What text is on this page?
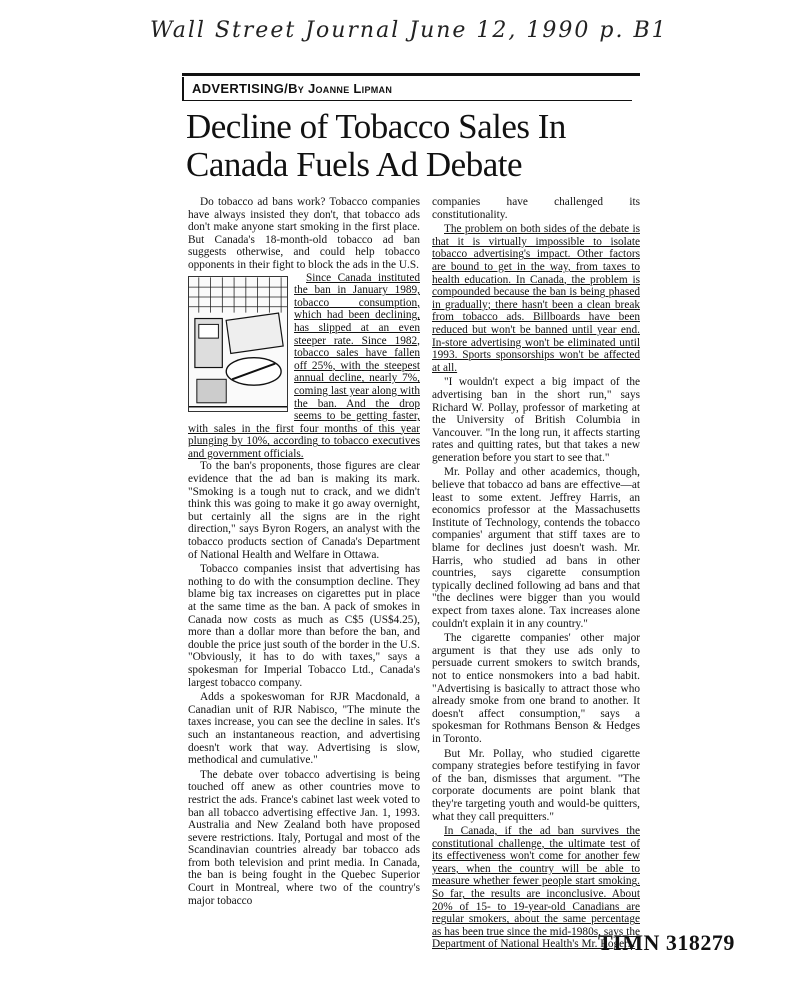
Wall Street Journal June 12, 1990 p. B1
ADVERTISING/By Joanne Lipman
Decline of Tobacco Sales In Canada Fuels Ad Debate

Do tobacco ad bans work? Tobacco companies have always insisted they don't, that tobacco ads don't make anyone start smoking in the first place. But Canada's 18-month-old tobacco ad ban suggests otherwise, and could help tobacco opponents in their fight to block the ads in the U.S.

Since Canada instituted the ban in January 1989, tobacco consumption, which had been declining, has slipped at an even steeper rate. Since 1982, tobacco sales have fallen off 25%, with the steepest annual decline, nearly 7%, coming last year along with the ban. And the drop seems to be getting faster, with sales in the first four months of this year plunging by 10%, according to tobacco executives and government officials.

To the ban's proponents, those figures are clear evidence that the ad ban is making its mark. "Smoking is a tough nut to crack, and we didn't think this was going to make it go away overnight, but certainly all the signs are in the right direction," says Byron Rogers, an analyst with the tobacco products section of Canada's Department of National Health and Welfare in Ottawa.

Tobacco companies insist that advertising has nothing to do with the consumption decline. They blame big tax increases on cigarettes put in place at the same time as the ban. A pack of smokes in Canada now costs as much as C$5 (US$4.25), more than a dollar more than before the ban, and double the price just south of the border in the U.S. "Obviously, it has to do with taxes," says a spokesman for Imperial Tobacco Ltd., Canada's largest tobacco company.

Adds a spokeswoman for RJR Macdonald, a Canadian unit of RJR Nabisco, "The minute the taxes increase, you can see the decline in sales. It's such an instantaneous reaction, and advertising doesn't work that way. Advertising is slow, methodical and cumulative."

The debate over tobacco advertising is being touched off anew as other countries move to restrict the ads. France's cabinet last week voted to ban all tobacco advertising effective Jan. 1, 1993. Australia and New Zealand both have proposed severe restrictions. Italy, Portugal and most of the Scandinavian countries already bar tobacco ads from both television and print media. In Canada, the ban is being fought in the Quebec Superior Court in Montreal, where two of the country's major tobacco

companies have challenged its constitutionality.

The problem on both sides of the debate is that it is virtually impossible to isolate tobacco advertising's impact. Other factors are bound to get in the way, from taxes to health education. In Canada, the problem is compounded because the ban is being phased in gradually; there hasn't been a clean break from tobacco ads. Billboards have been reduced but won't be banned until year end. In-store advertising won't be eliminated until 1993. Sports sponsorships won't be affected at all.

"I wouldn't expect a big impact of the advertising ban in the short run," says Richard W. Pollay, professor of marketing at the University of British Columbia in Vancouver. "In the long run, it affects starting rates and quitting rates, but that takes a new generation before you start to see that."

Mr. Pollay and other academics, though, believe that tobacco ad bans are effective—at least to some extent. Jeffrey Harris, an economics professor at the Massachusetts Institute of Technology, contends the tobacco companies' argument that stiff taxes are to blame for declines just doesn't wash. Mr. Harris, who studied ad bans in other countries, says cigarette consumption typically declined following ad bans and that "the declines were bigger than you would expect from taxes alone. Tax increases alone couldn't explain it in any country."

The cigarette companies' other major argument is that they use ads only to persuade current smokers to switch brands, not to entice nonsmokers into a bad habit. "Advertising is basically to attract those who already smoke from one brand to another. It doesn't affect consumption," says a spokesman for Rothmans Benson & Hedges in Toronto.

But Mr. Pollay, who studied cigarette company strategies before testifying in favor of the ban, dismisses that argument. "The corporate documents are point blank that they're targeting youth and would-be quitters, what they call prequitters."

In Canada, if the ad ban survives the constitutional challenge, the ultimate test of its effectiveness won't come for another few years, when the country will be able to measure whether fewer people start smoking. So far, the results are inconclusive. About 20% of 15- to 19-year-old Canadians are regular smokers, about the same percentage as has been true since the mid-1980s, says the Department of National Health's Mr. Rogers.

TIMN 318279
